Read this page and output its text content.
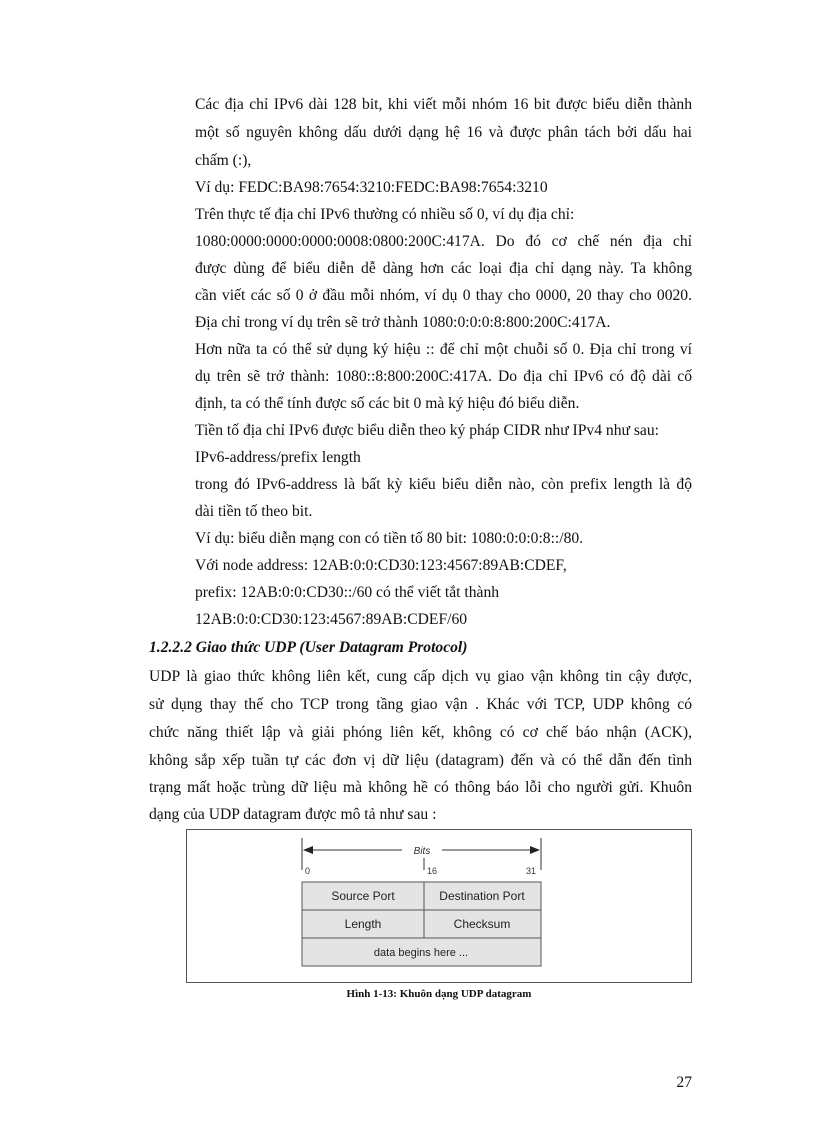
Các địa chỉ IPv6 dài 128 bit, khi viết mỗi nhóm 16 bit được biểu diễn thành
một số nguyên không dấu dưới dạng hệ 16 và được phân tách bởi dấu hai
chấm (:),
Ví dụ: FEDC:BA98:7654:3210:FEDC:BA98:7654:3210
Trên thực tế địa chỉ IPv6 thường có nhiều số 0, ví dụ địa chỉ:
1080:0000:0000:0000:0008:0800:200C:417A. Do đó cơ chế nén địa chỉ
được dùng để biểu diễn dễ dàng hơn các loại địa chỉ dạng này. Ta không
cần viết các số 0 ở đầu mỗi nhóm, ví dụ 0 thay cho 0000, 20 thay cho 0020.
Địa chỉ trong ví dụ trên sẽ trở thành 1080:0:0:0:8:800:200C:417A.
Hơn nữa ta có thể sử dụng ký hiệu :: để chỉ một chuỗi số 0. Địa chỉ trong ví
dụ trên sẽ trở thành: 1080::8:800:200C:417A. Do địa chỉ IPv6 có độ dài cố
định, ta có thể tính được số các bit 0 mà ký hiệu đó biểu diễn.
Tiền tố địa chỉ IPv6 được biểu diễn theo ký pháp CIDR như IPv4 như sau:
IPv6-address/prefix length
trong đó IPv6-address là bất kỳ kiểu biểu diễn nào, còn prefix length là độ
dài tiền tố theo bit.
Ví dụ: biểu diễn mạng con có tiền tố 80 bit: 1080:0:0:0:8::/80.
Với node address: 12AB:0:0:CD30:123:4567:89AB:CDEF,
prefix: 12AB:0:0:CD30::/60 có thể viết tắt thành
12AB:0:0:CD30:123:4567:89AB:CDEF/60
1.2.2.2 Giao thức UDP (User Datagram Protocol)
UDP là giao thức không liên kết, cung cấp dịch vụ giao vận không tin cậy được,
sử dụng thay thế cho TCP trong tầng giao vận . Khác với TCP, UDP không có
chức năng thiết lập và giải phóng liên kết, không có cơ chế báo nhận (ACK),
không sắp xếp tuần tự các đơn vị dữ liệu (datagram) đến và có thể dẫn đến tình
trạng mất hoặc trùng dữ liệu mà không hề có thông báo lỗi cho người gửi. Khuôn
dạng của UDP datagram được mô tả như sau :
Bits
0	16	31
Source Port	Destination Port
Length	Checksum
data begins here ...
Hình 1-13: Khuôn dạng UDP datagram
27
